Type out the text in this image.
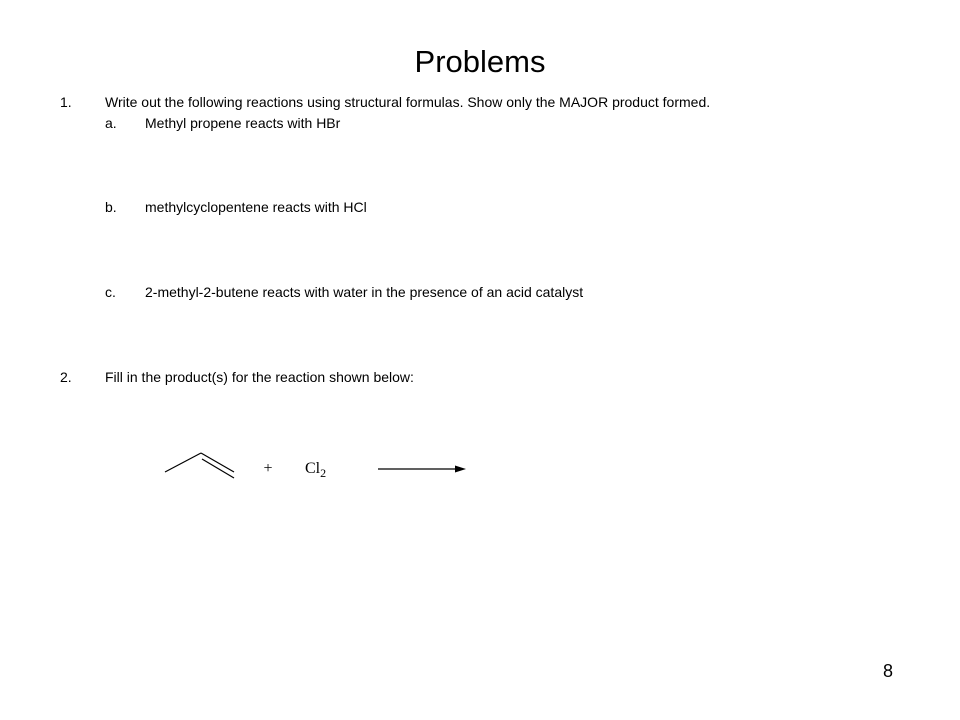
Problems
1. Write out the following reactions using structural formulas. Show only the MAJOR product formed.
a. Methyl propene reacts with HBr
b. methylcyclopentene reacts with HCl
c. 2-methyl-2-butene reacts with water in the presence of an acid catalyst
2. Fill in the product(s) for the reaction shown below:
+ $Cl_2$
8
